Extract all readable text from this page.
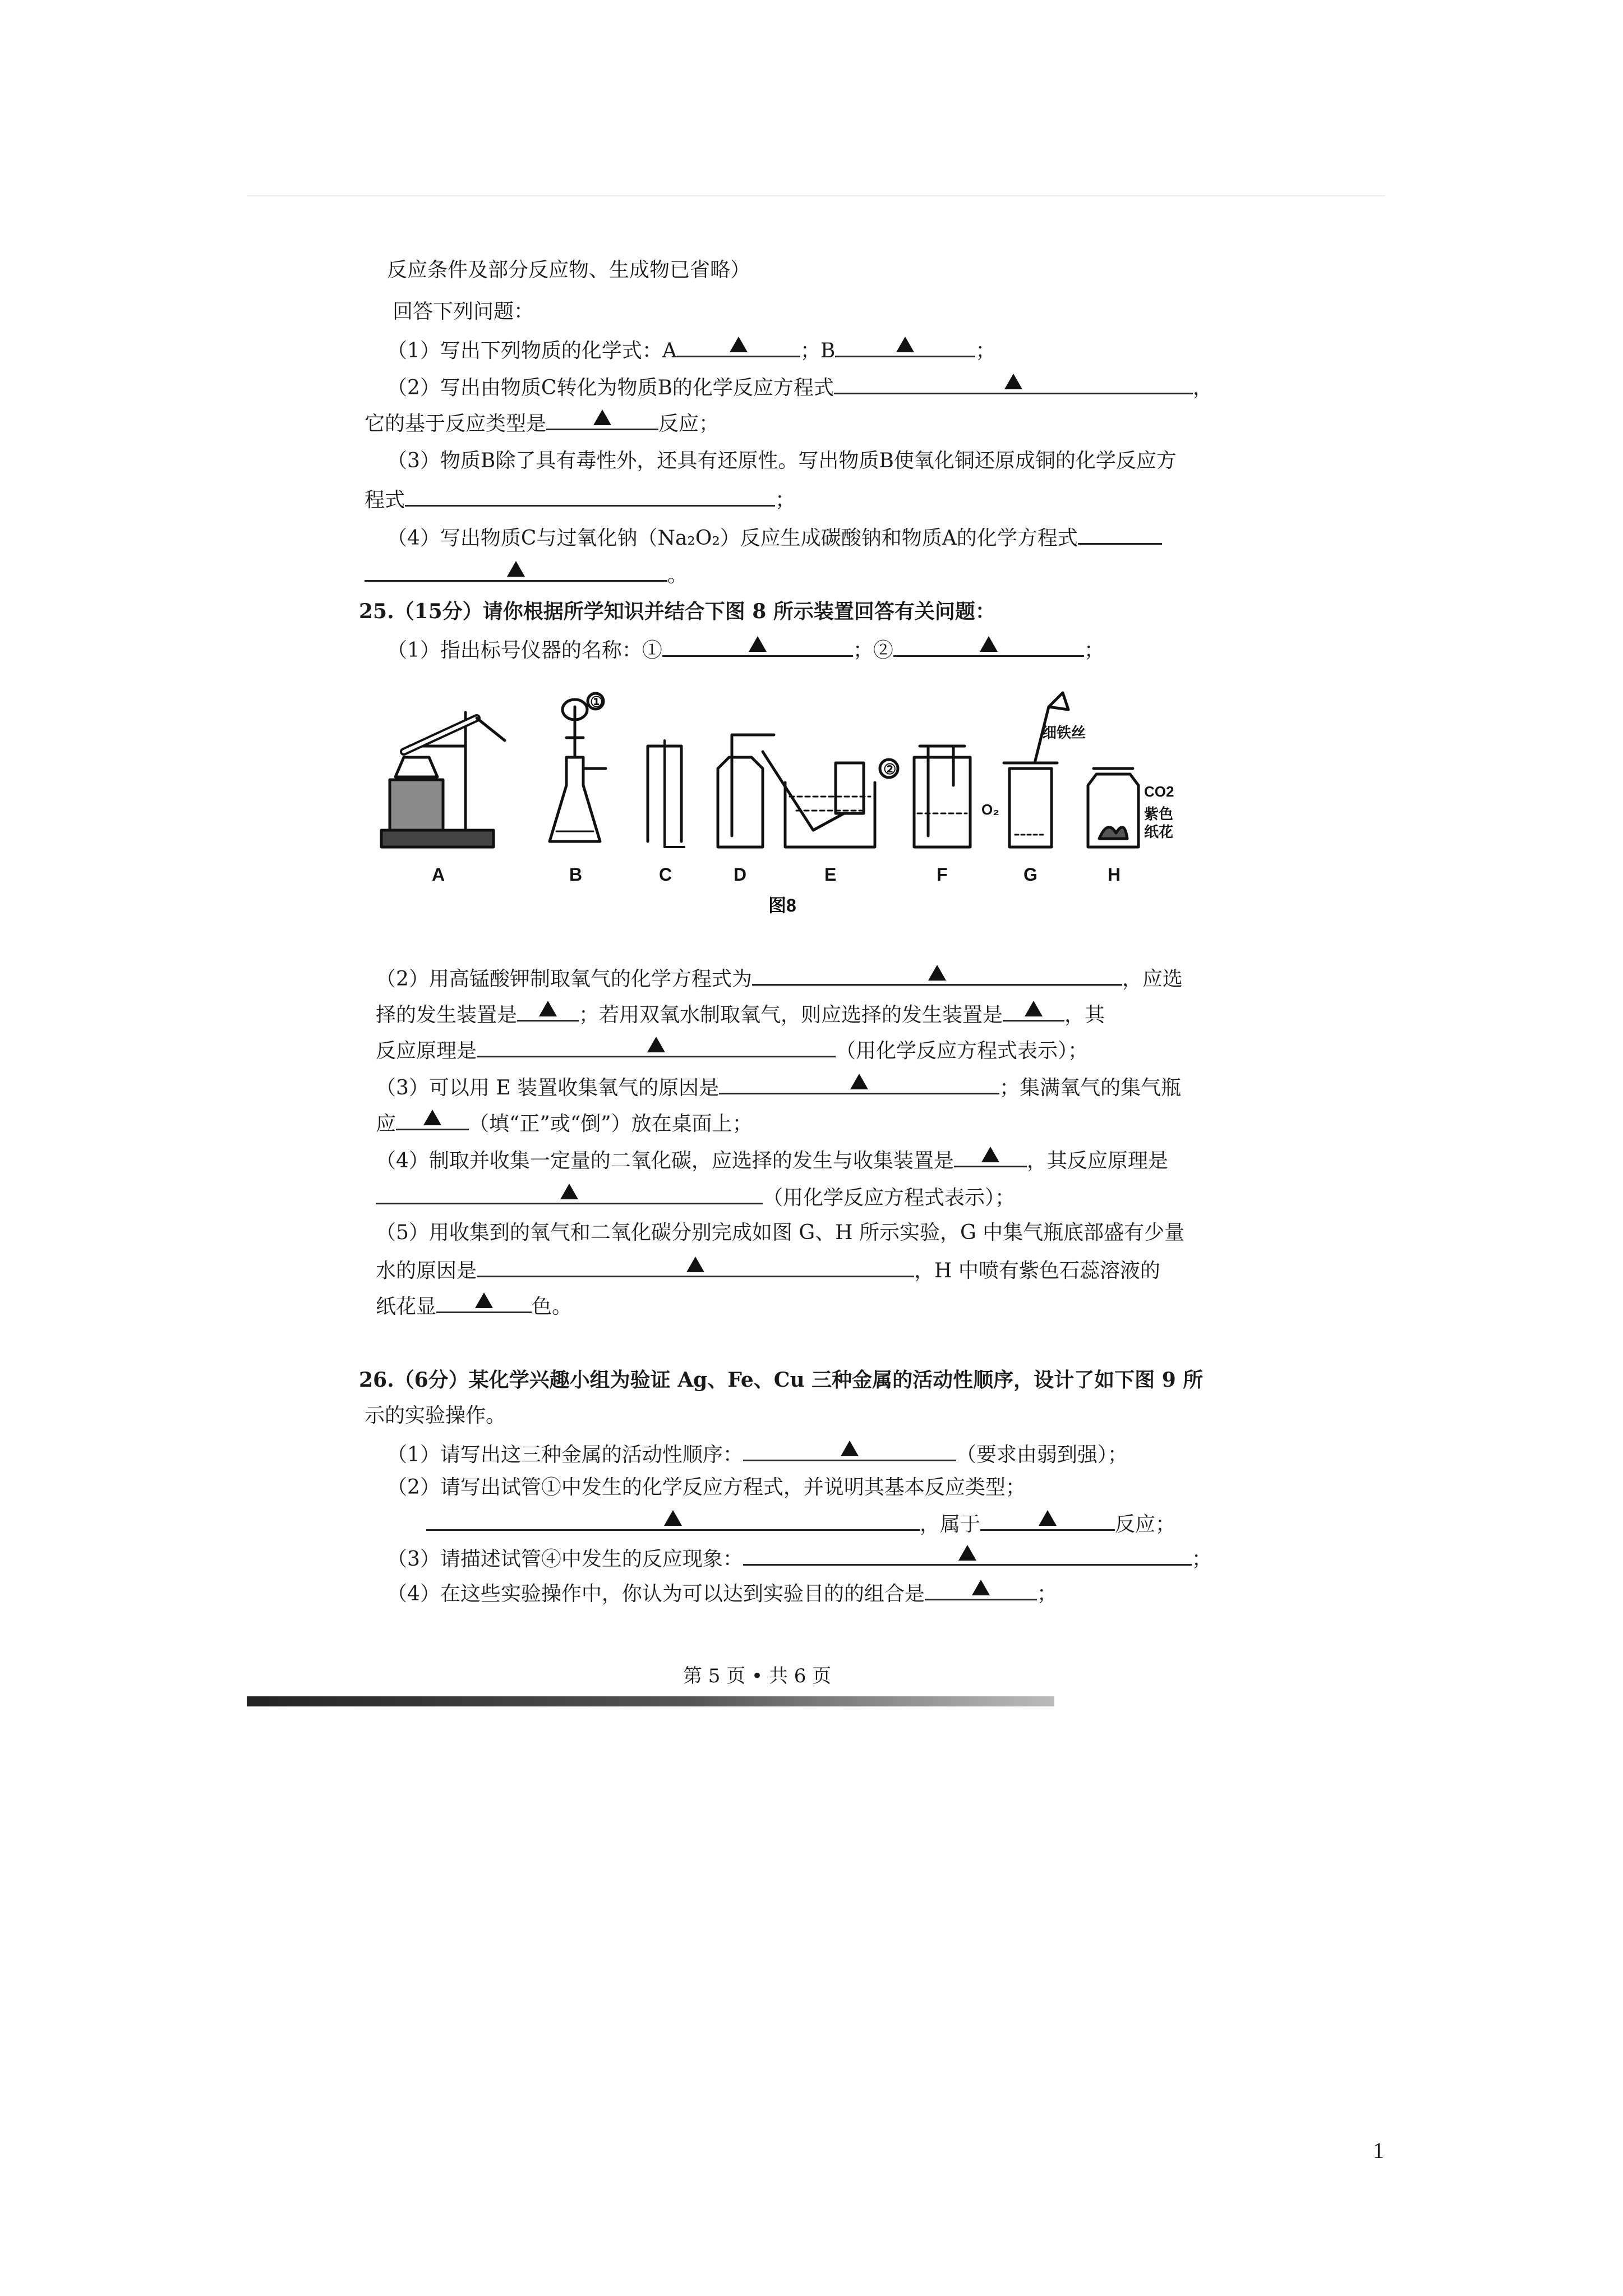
反应条件及部分反应物、生成物已省略）
回答下列问题：
（1）写出下列物质的化学式：A	；B	；
（2）写出由物质C转化为物质B的化学反应方程式	，
它的基于反应类型是	反应；
（3）物质B除了具有毒性外，还具有还原性。写出物质B使氧化铜还原成铜的化学反应方
程式	；
（4）写出物质C与过氧化钠（Na₂O₂）反应生成碳酸钠和物质A的化学方程式
。
25.（15分）请你根据所学知识并结合下图 8 所示装置回答有关问题：
（1）指出标号仪器的名称：①	；②	；
A	B	C	D	E	F	G	H
①
②
细铁丝
O₂
CO2
紫色
纸花
图8
（2）用高锰酸钾制取氧气的化学方程式为	，应选
择的发生装置是	；若用双氧水制取氧气，则应选择的发生装置是	，其
反应原理是	（用化学反应方程式表示）；
（3）可以用 E 装置收集氧气的原因是	；集满氧气的集气瓶
应	（填“正”或“倒”）放在桌面上；
（4）制取并收集一定量的二氧化碳，应选择的发生与收集装置是	，其反应原理是
（用化学反应方程式表示）；
（5）用收集到的氧气和二氧化碳分别完成如图 G、H 所示实验，G 中集气瓶底部盛有少量
水的原因是	，H 中喷有紫色石蕊溶液的
纸花显	色。
26.（6分）某化学兴趣小组为验证 Ag、Fe、Cu 三种金属的活动性顺序，设计了如下图 9 所
示的实验操作。
（1）请写出这三种金属的活动性顺序：	（要求由弱到强）；
（2）请写出试管①中发生的化学反应方程式，并说明其基本反应类型；
，属于	反应；
（3）请描述试管④中发生的反应现象：	；
（4）在这些实验操作中，你认为可以达到实验目的的组合是	；
第 5 页 • 共 6 页
1
